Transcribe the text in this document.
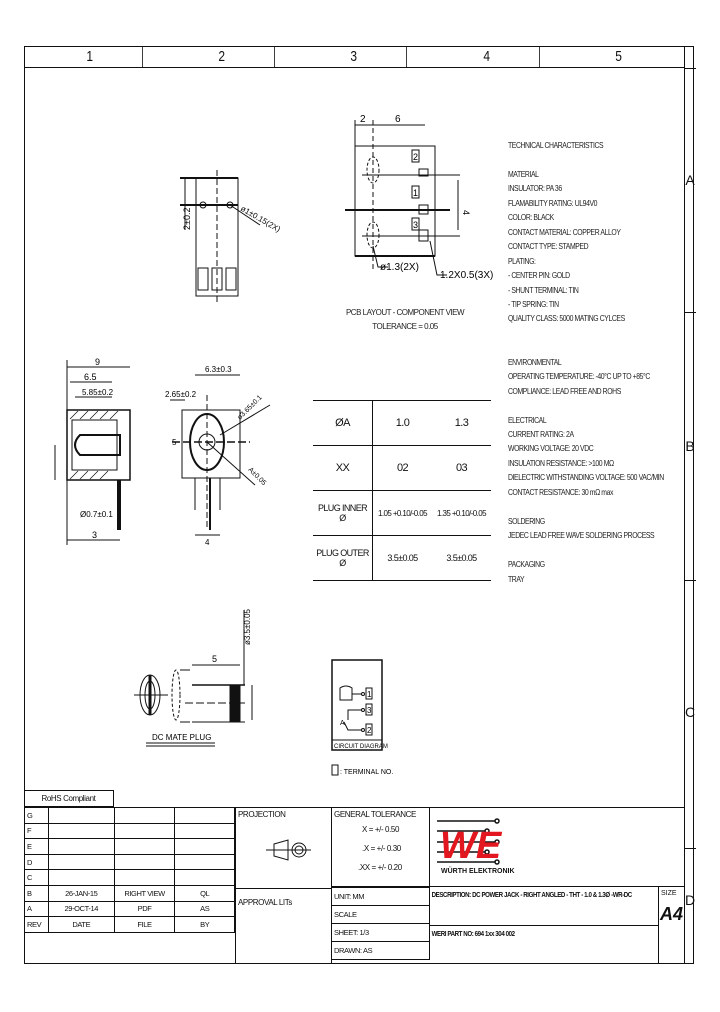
1	2	3	4	5
A
B
C
D
2	6
4
2
1
3
ø1.3(2X)
1.2X0.5(3X)
PCB LAYOUT - COMPONENT VIEW
TOLERANCE = 0.05
2±0.2	ø1±0.15(2X)
9
6.5
5.85±0.2
Ø0.7±0.1
3
6.3±0.3
2.65±0.2	ø3.65±0.1
A±0.05
5
4
5
ø3.5±0.05
DC MATE PLUG
1
3
2
A
CIRCUIT DIAGRAM
: TERMINAL NO.
ØA	1.0	1.3
XX	02	03
PLUG INNER Ø	1.05 +0.10/-0.05	1.35 +0.10/-0.05
PLUG OUTER Ø	3.5±0.05	3.5±0.05
TECHNICAL CHARACTERISTICS
MATERIAL
INSULATOR: PA 36
FLAMABILITY RATING: UL94V0
COLOR: BLACK
CONTACT MATERIAL: COPPER ALLOY
CONTACT TYPE: STAMPED
PLATING:
- CENTER PIN: GOLD
- SHUNT TERMINAL: TIN
- TIP SPRING: TIN
QUALITY CLASS: 5000 MATING CYLCES
ENVIRONMENTAL
OPERATING TEMPERATURE: -40°C UP TO +85°C
COMPLIANCE: LEAD FREE AND ROHS
ELECTRICAL
CURRENT RATING: 2A
WORKING VOLTAGE: 20 VDC
INSULATION RESISTANCE: >100 MΩ
DIELECTRIC WITHSTANDING VOLTAGE: 500 VAC/MIN
CONTACT RESISTANCE: 30 mΩ max
SOLDERING
JEDEC LEAD FREE WAVE SOLDERING PROCESS
PACKAGING
TRAY
RoHS Compliant
G			
F			
E			
D			
C			
B	26-JAN-15	RIGHT VIEW	QL
A	29-OCT-14	PDF	AS
REV	DATE	FILE	BY
PROJECTION
APPROVAL LITs
GENERAL TOLERANCE
X = +/- 0.50
.X = +/- 0.30
.XX = +/- 0.20
WE
WÜRTH ELEKTRONIK
UNIT: MM
SCALE
SHEET: 1/3
DRAWN: AS
DESCRIPTION: DC POWER JACK - RIGHT ANGLED - THT - 1.0 & 1.3Ø -WR-DC
WERI PART NO: 694 1xx 304 002
SIZE
A4
